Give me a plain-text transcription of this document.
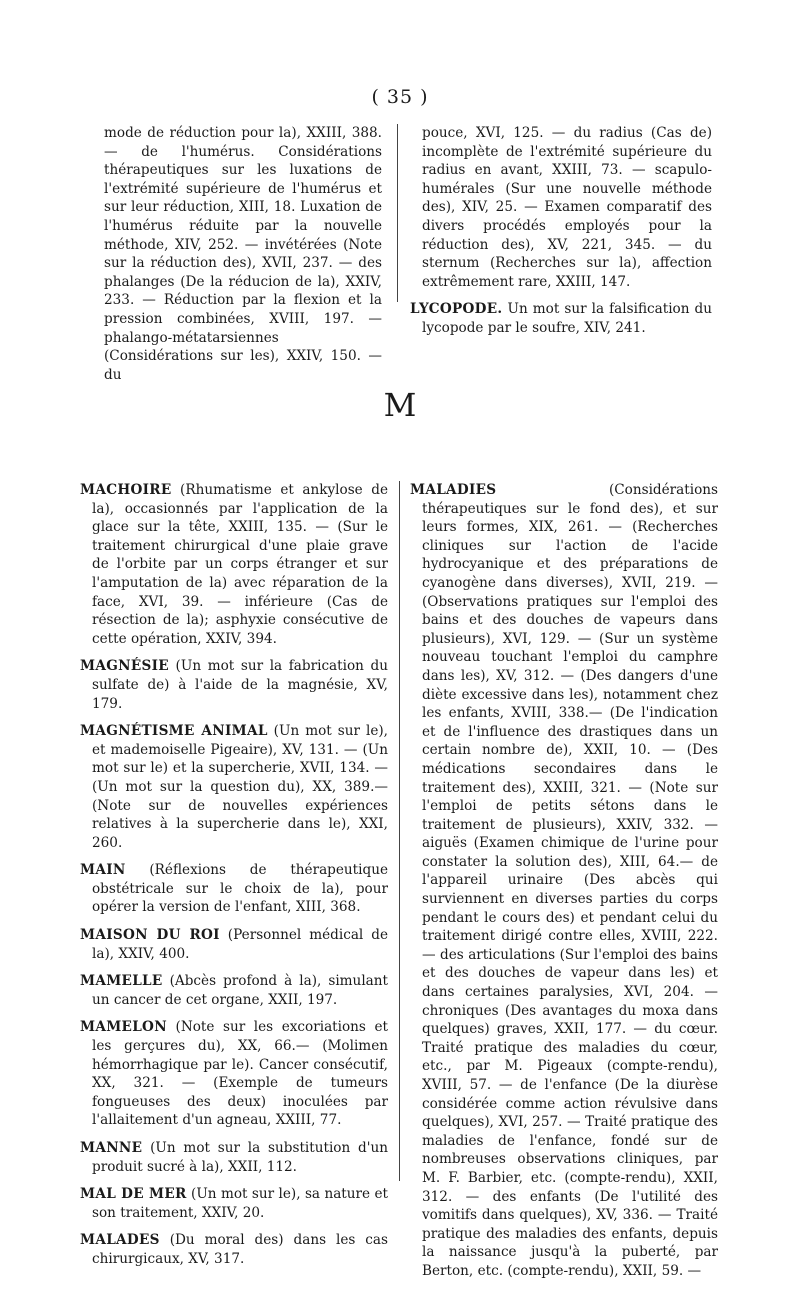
( 35 )

mode de réduction pour la), XXIII, 388. — de l'humérus. Considérations thérapeutiques sur les luxations de l'extrémité supérieure de l'humérus et sur leur réduction, XIII, 18. Luxation de l'humérus réduite par la nouvelle méthode, XIV, 252. — invétérées (Note sur la réduction des), XVII, 237. — des phalanges (De la réducion de la), XXIV, 233. — Réduction par la flexion et la pression combinées, XVIII, 197. — phalango-métatarsiennes (Considérations sur les), XXIV, 150. — du

pouce, XVI, 125. — du radius (Cas de) incomplète de l'extrémité supérieure du radius en avant, XXIII, 73. — scapulo-humérales (Sur une nouvelle méthode des), XIV, 25. — Examen comparatif des divers procédés employés pour la réduction des), XV, 221, 345. — du sternum (Recherches sur la), affection extrêmement rare, XXIII, 147.

LYCOPODE. Un mot sur la falsification du lycopode par le soufre, XIV, 241.

M

MACHOIRE (Rhumatisme et ankylose de la), occasionnés par l'application de la glace sur la tête, XXIII, 135. — (Sur le traitement chirurgical d'une plaie grave de l'orbite par un corps étranger et sur l'amputation de la) avec réparation de la face, XVI, 39. — inférieure (Cas de résection de la); asphyxie consécutive de cette opération, XXIV, 394.

MAGNÉSIE (Un mot sur la fabrication du sulfate de) à l'aide de la magnésie, XV, 179.

MAGNÉTISME ANIMAL (Un mot sur le), et mademoiselle Pigeaire), XV, 131. — (Un mot sur le) et la supercherie, XVII, 134. — (Un mot sur la question du), XX, 389.— (Note sur de nouvelles expériences relatives à la supercherie dans le), XXI, 260.

MAIN (Réflexions de thérapeutique obstétricale sur le choix de la), pour opérer la version de l'enfant, XIII, 368.

MAISON DU ROI (Personnel médical de la), XXIV, 400.

MAMELLE (Abcès profond à la), simulant un cancer de cet organe, XXII, 197.

MAMELON (Note sur les excoriations et les gerçures du), XX, 66.— (Molimen hémorrhagique par le). Cancer consécutif, XX, 321. — (Exemple de tumeurs fongueuses des deux) inoculées par l'allaitement d'un agneau, XXIII, 77.

MANNE (Un mot sur la substitution d'un produit sucré à la), XXII, 112.

MAL DE MER (Un mot sur le), sa nature et son traitement, XXIV, 20.

MALADES (Du moral des) dans les cas chirurgicaux, XV, 317.

MALADIES (Considérations thérapeutiques sur le fond des), et sur leurs formes, XIX, 261. — (Recherches cliniques sur l'action de l'acide hydrocyanique et des préparations de cyanogène dans diverses), XVII, 219. — (Observations pratiques sur l'emploi des bains et des douches de vapeurs dans plusieurs), XVI, 129. — (Sur un système nouveau touchant l'emploi du camphre dans les), XV, 312. — (Des dangers d'une diète excessive dans les), notamment chez les enfants, XVIII, 338.— (De l'indication et de l'influence des drastiques dans un certain nombre de), XXII, 10. — (Des médications secondaires dans le traitement des), XXIII, 321. — (Note sur l'emploi de petits sétons dans le traitement de plusieurs), XXIV, 332. — aiguës (Examen chimique de l'urine pour constater la solution des), XIII, 64.— de l'appareil urinaire (Des abcès qui surviennent en diverses parties du corps pendant le cours des) et pendant celui du traitement dirigé contre elles, XVIII, 222. — des articulations (Sur l'emploi des bains et des douches de vapeur dans les) et dans certaines paralysies, XVI, 204. — chroniques (Des avantages du moxa dans quelques) graves, XXII, 177. — du cœur. Traité pratique des maladies du cœur, etc., par M. Pigeaux (compte-rendu), XVIII, 57. — de l'enfance (De la diurèse considérée comme action révulsive dans quelques), XVI, 257. — Traité pratique des maladies de l'enfance, fondé sur de nombreuses observations cliniques, par M. F. Barbier, etc. (compte-rendu), XXII, 312. — des enfants (De l'utilité des vomitifs dans quelques), XV, 336. — Traité pratique des maladies des enfants, depuis la naissance jusqu'à la puberté, par Berton, etc. (compte-rendu), XXII, 59. —
